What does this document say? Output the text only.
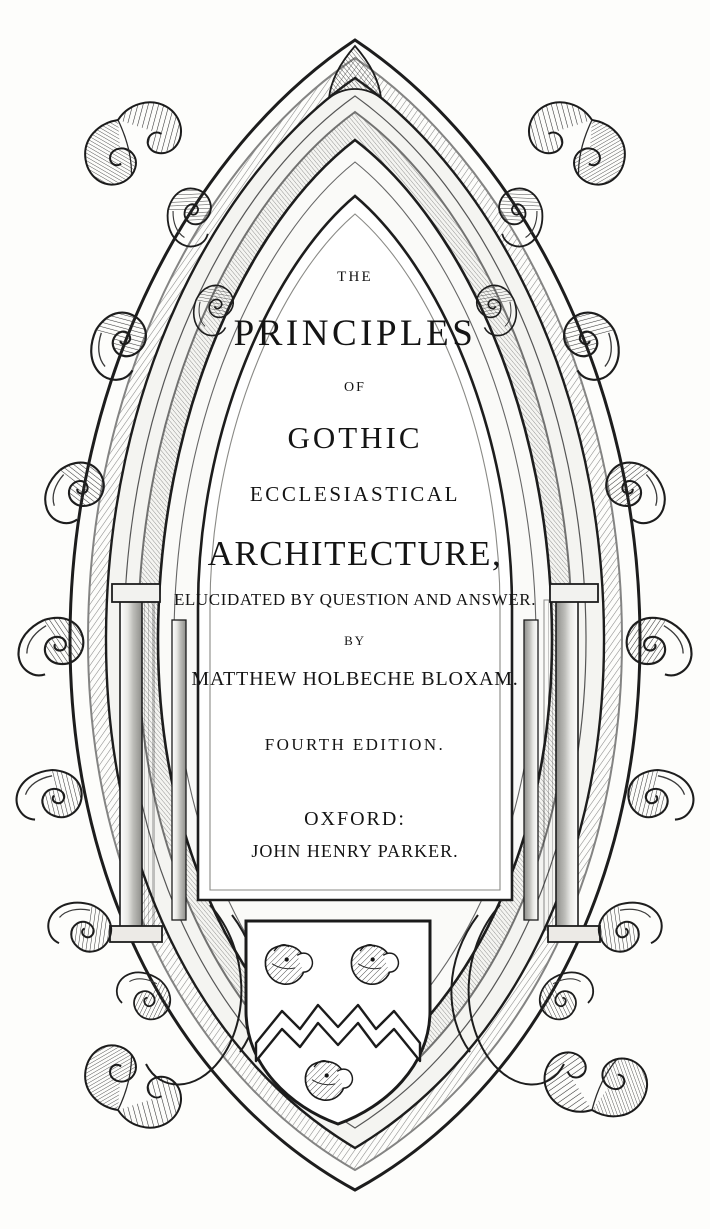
THE
PRINCIPLES
OF
GOTHIC
ECCLESIASTICAL
ARCHITECTURE,
ELUCIDATED BY QUESTION AND ANSWER.
BY
MATTHEW HOLBECHE BLOXAM.
FOURTH EDITION.
OXFORD:
JOHN HENRY PARKER.
